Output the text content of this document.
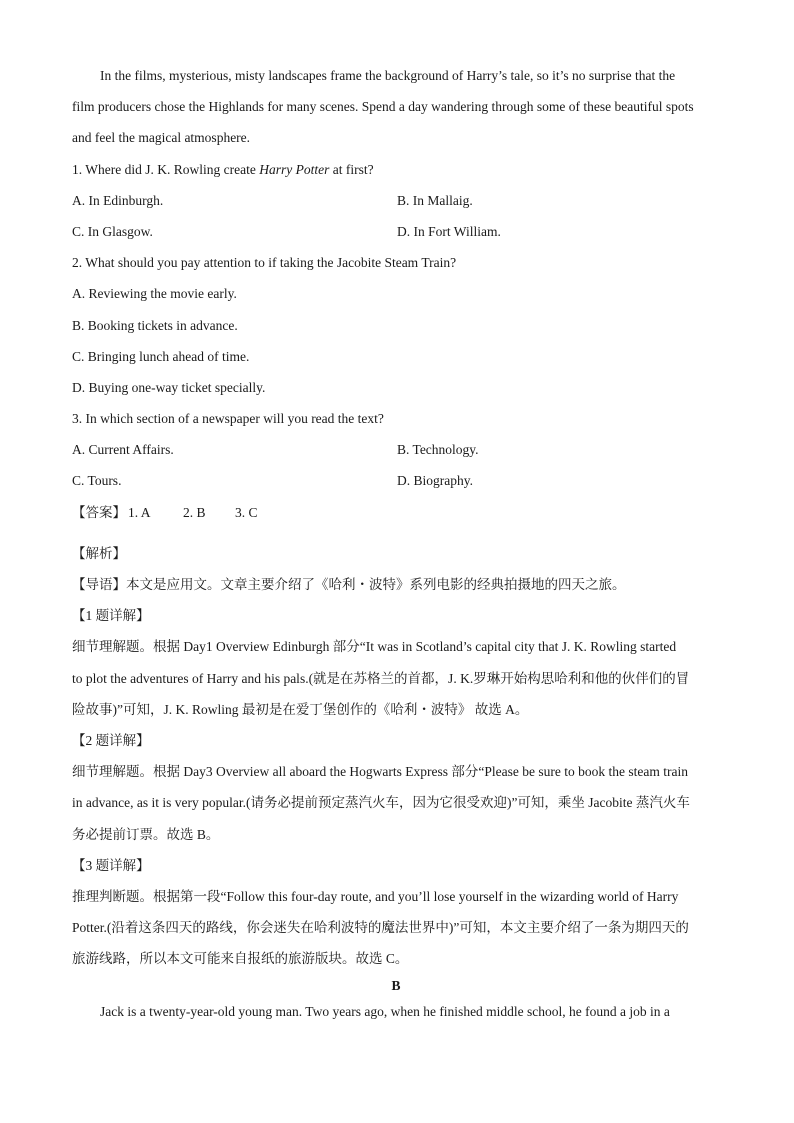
In the films, mysterious, misty landscapes frame the background of Harry’s tale, so it’s no surprise that the
film producers chose the Highlands for many scenes. Spend a day wandering through some of these beautiful spots
and feel the magical atmosphere.
1. Where did J. K. Rowling create Harry Potter at first?
A. In Edinburgh.	B. In Mallaig.
C. In Glasgow.	D. In Fort William.
2. What should you pay attention to if taking the Jacobite Steam Train?
A. Reviewing the movie early.
B. Booking tickets in advance.
C. Bringing lunch ahead of time.
D. Buying one-way ticket specially.
3. In which section of a newspaper will you read the text?
A. Current Affairs.	B. Technology.
C. Tours.	D. Biography.
【答案】 1. A 2. B 3. C
【解析】
【导语】本文是应用文。文章主要介绍了《哈利・波特》系列电影的经典拍摄地的四天之旅。
【1 题详解】
细节理解题。根据 Day1 Overview Edinburgh 部分“It was in Scotland’s capital city that J. K. Rowling started
to plot the adventures of Harry and his pals.(就是在苏格兰的首都，J. K.罗琳开始构思哈利和他的伙伴们的冒
险故事)”可知，J. K. Rowling 最初是在爱丁堡创作的《哈利・波特》 故选 A。
【2 题详解】
细节理解题。根据 Day3 Overview all aboard the Hogwarts Express 部分“Please be sure to book the steam train
in advance, as it is very popular.(请务必提前预定蒸汽火车，因为它很受欢迎)”可知，乘坐 Jacobite 蒸汽火车
务必提前订票。故选 B。
【3 题详解】
推理判断题。根据第一段“Follow this four-day route, and you’ll lose yourself in the wizarding world of Harry
Potter.(沿着这条四天的路线，你会迷失在哈利波特的魔法世界中)”可知，本文主要介绍了一条为期四天的
旅游线路，所以本文可能来自报纸的旅游版块。故选 C。
B
Jack is a twenty-year-old young man. Two years ago, when he finished middle school, he found a job in a
